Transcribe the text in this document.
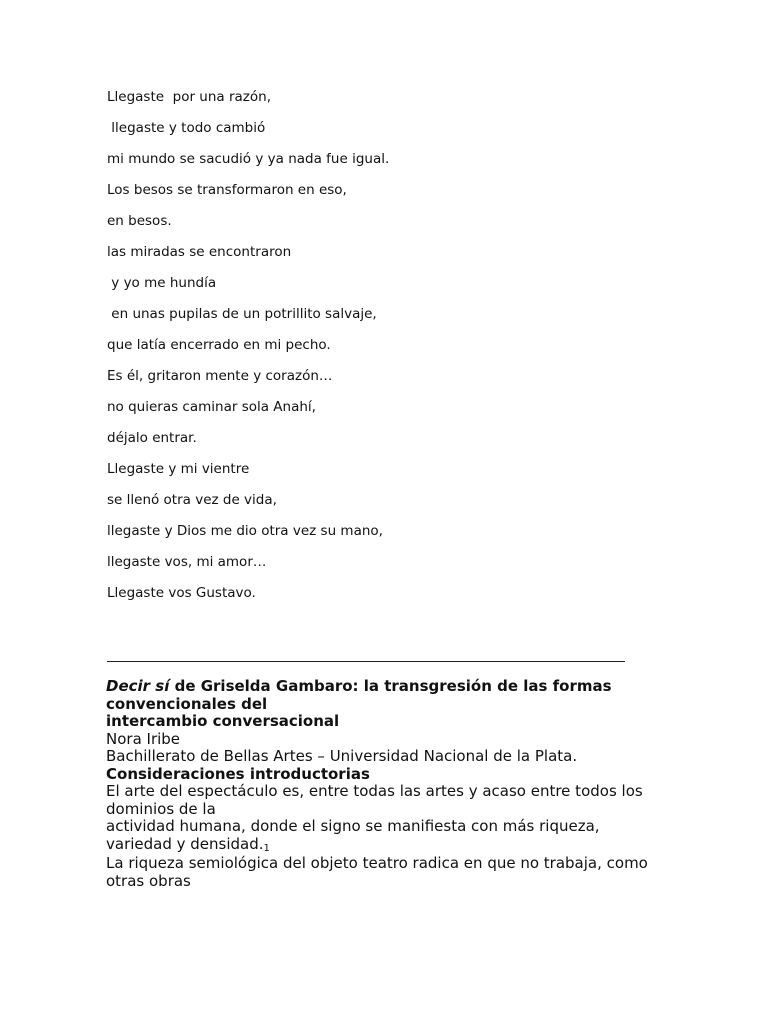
Llegaste  por una razón,
llegaste y todo cambió
mi mundo se sacudió y ya nada fue igual.
Los besos se transformaron en eso,
en besos.
las miradas se encontraron
y yo me hundía
en unas pupilas de un potrillito salvaje,
que latía encerrado en mi pecho.
Es él, gritaron mente y corazón…
no quieras caminar sola Anahí,
déjalo entrar.
Llegaste y mi vientre
se llenó otra vez de vida,
llegaste y Dios me dio otra vez su mano,
llegaste vos, mi amor…
Llegaste vos Gustavo.

Decir sí de Griselda Gambaro: la transgresión de las formas convencionales del
intercambio conversacional

Nora Iribe

Bachillerato de Bellas Artes – Universidad Nacional de la Plata.

Consideraciones introductorias

El arte del espectáculo es, entre todas las artes y acaso entre todos los dominios de la
actividad humana, donde el signo se manifiesta con más riqueza, variedad y densidad.1

La riqueza semiológica del objeto teatro radica en que no trabaja, como otras obras
